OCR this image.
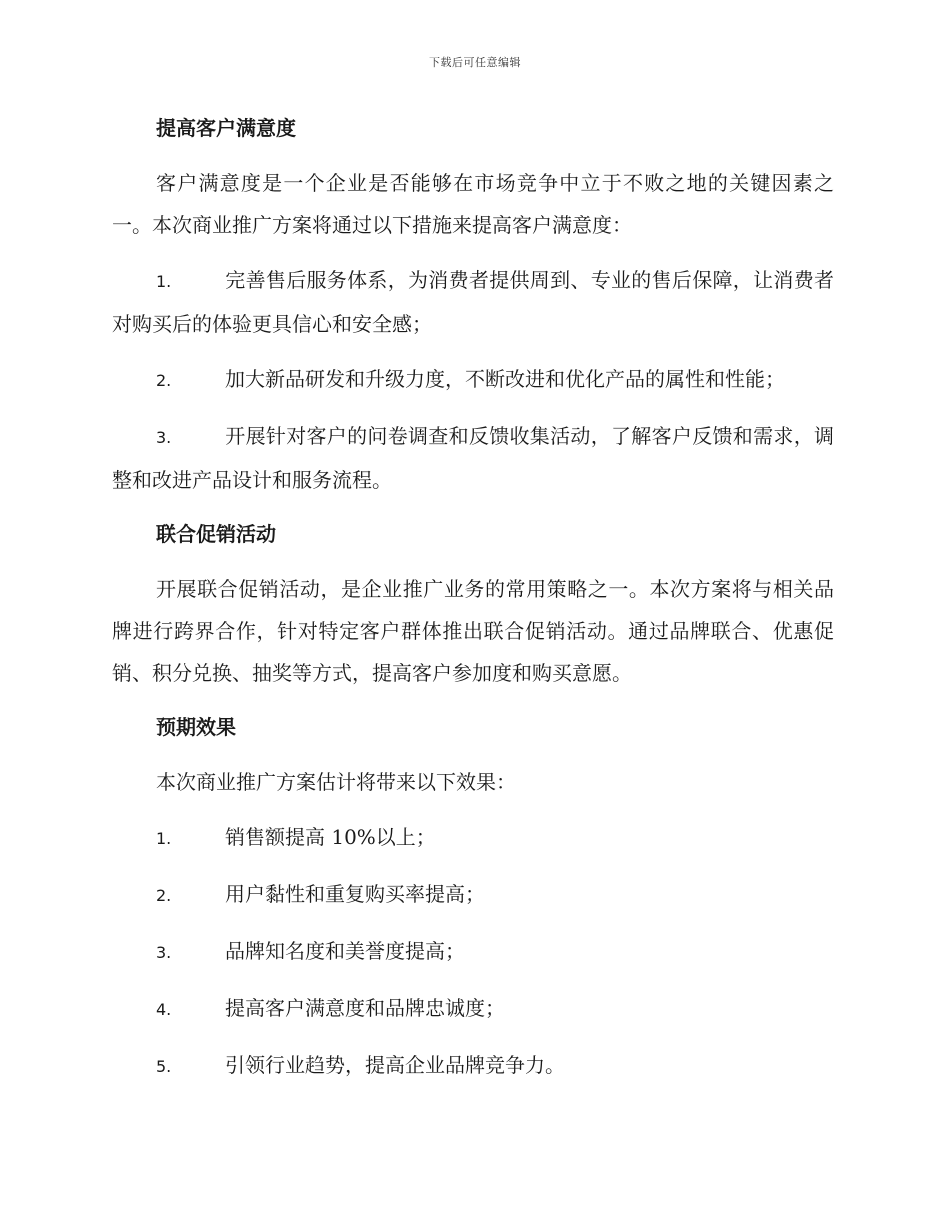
下载后可任意编辑
提高客户满意度

客户满意度是一个企业是否能够在市场竞争中立于不败之地的关键因素之一。本次商业推广方案将通过以下措施来提高客户满意度：

1.	完善售后服务体系，为消费者提供周到、专业的售后保障，让消费者对购买后的体验更具信心和安全感；

2.	加大新品研发和升级力度，不断改进和优化产品的属性和性能；

3.	开展针对客户的问卷调查和反馈收集活动，了解客户反馈和需求，调整和改进产品设计和服务流程。

联合促销活动

开展联合促销活动，是企业推广业务的常用策略之一。本次方案将与相关品牌进行跨界合作，针对特定客户群体推出联合促销活动。通过品牌联合、优惠促销、积分兑换、抽奖等方式，提高客户参加度和购买意愿。

预期效果

本次商业推广方案估计将带来以下效果：

1.	销售额提高 10%以上；

2.	用户黏性和重复购买率提高；

3.	品牌知名度和美誉度提高；

4.	提高客户满意度和品牌忠诚度；

5.	引领行业趋势，提高企业品牌竞争力。
